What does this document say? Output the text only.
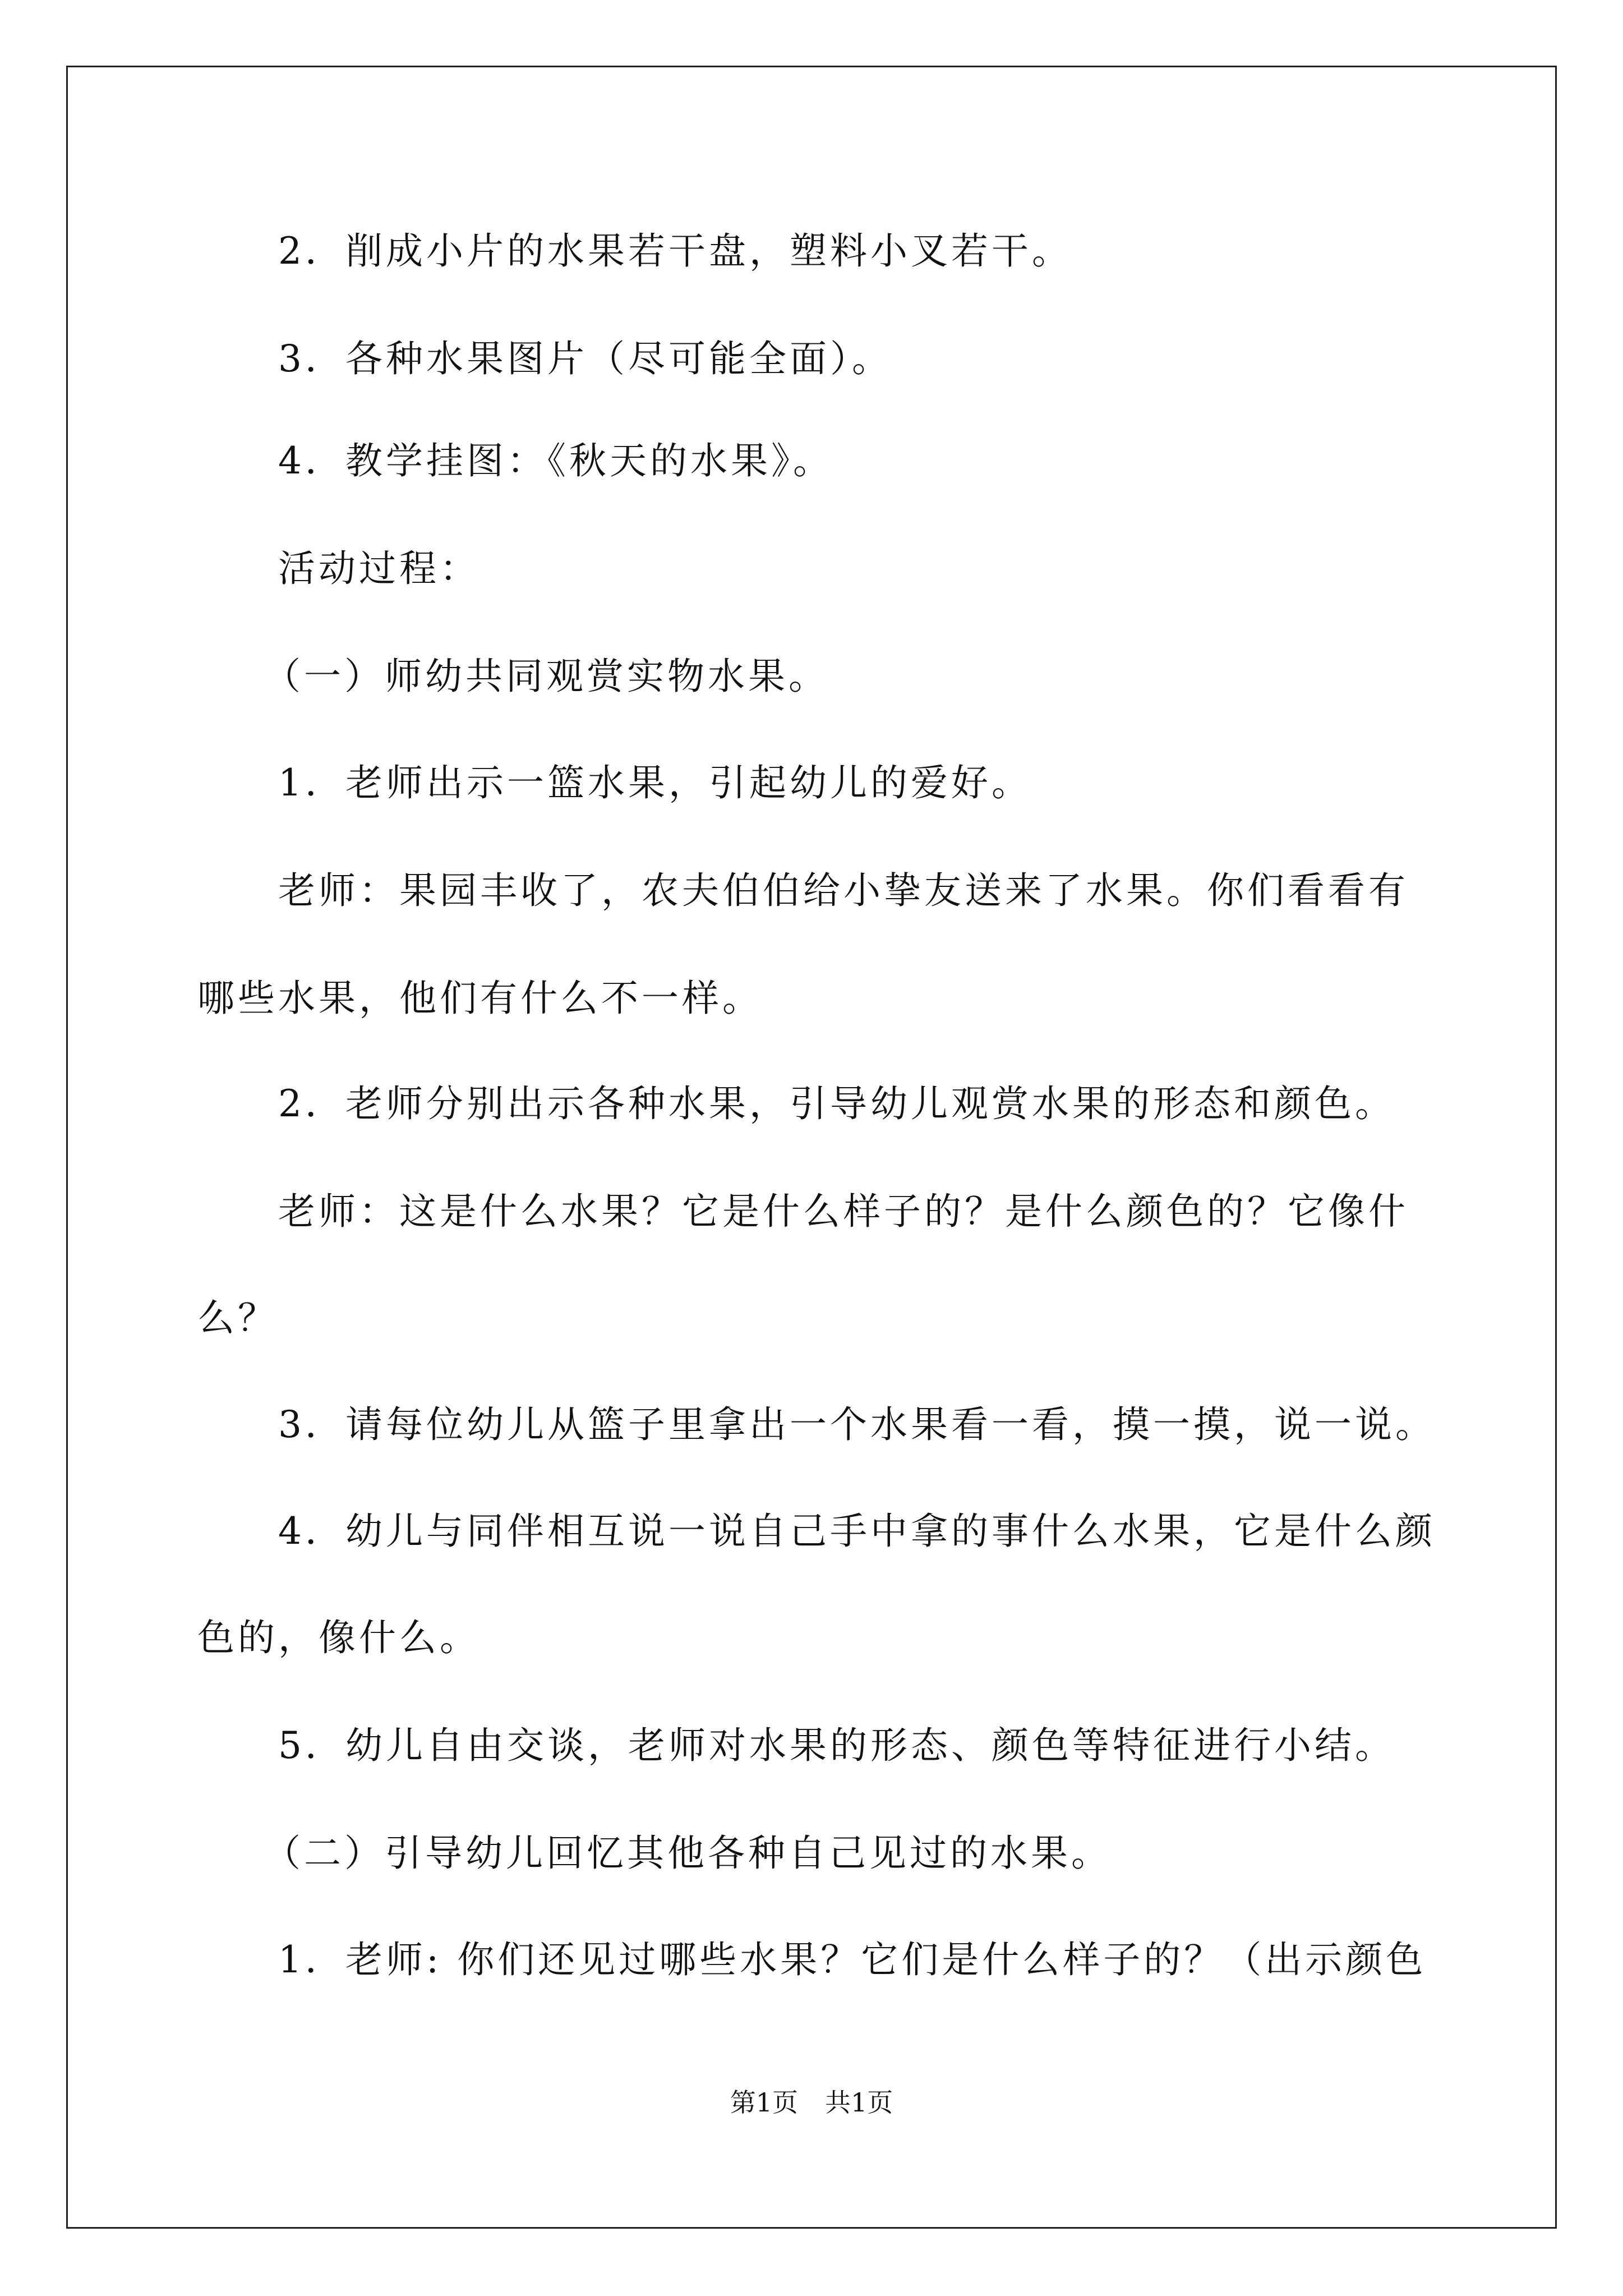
2．削成小片的水果若干盘，塑料小叉若干。

3．各种水果图片（尽可能全面）。

4．教学挂图：《秋天的水果》。

活动过程：

（一）师幼共同观赏实物水果。

1．老师出示一篮水果，引起幼儿的爱好。

老师：果园丰收了，农夫伯伯给小挚友送来了水果。你们看看有

哪些水果，他们有什么不一样。

2．老师分别出示各种水果，引导幼儿观赏水果的形态和颜色。

老师：这是什么水果？它是什么样子的？是什么颜色的？它像什

么？

3．请每位幼儿从篮子里拿出一个水果看一看，摸一摸，说一说。

4．幼儿与同伴相互说一说自己手中拿的事什么水果，它是什么颜

色的，像什么。

5．幼儿自由交谈，老师对水果的形态、颜色等特征进行小结。

（二）引导幼儿回忆其他各种自己见过的水果。

1．老师: 你们还见过哪些水果？它们是什么样子的？（出示颜色

第1页 共1页
